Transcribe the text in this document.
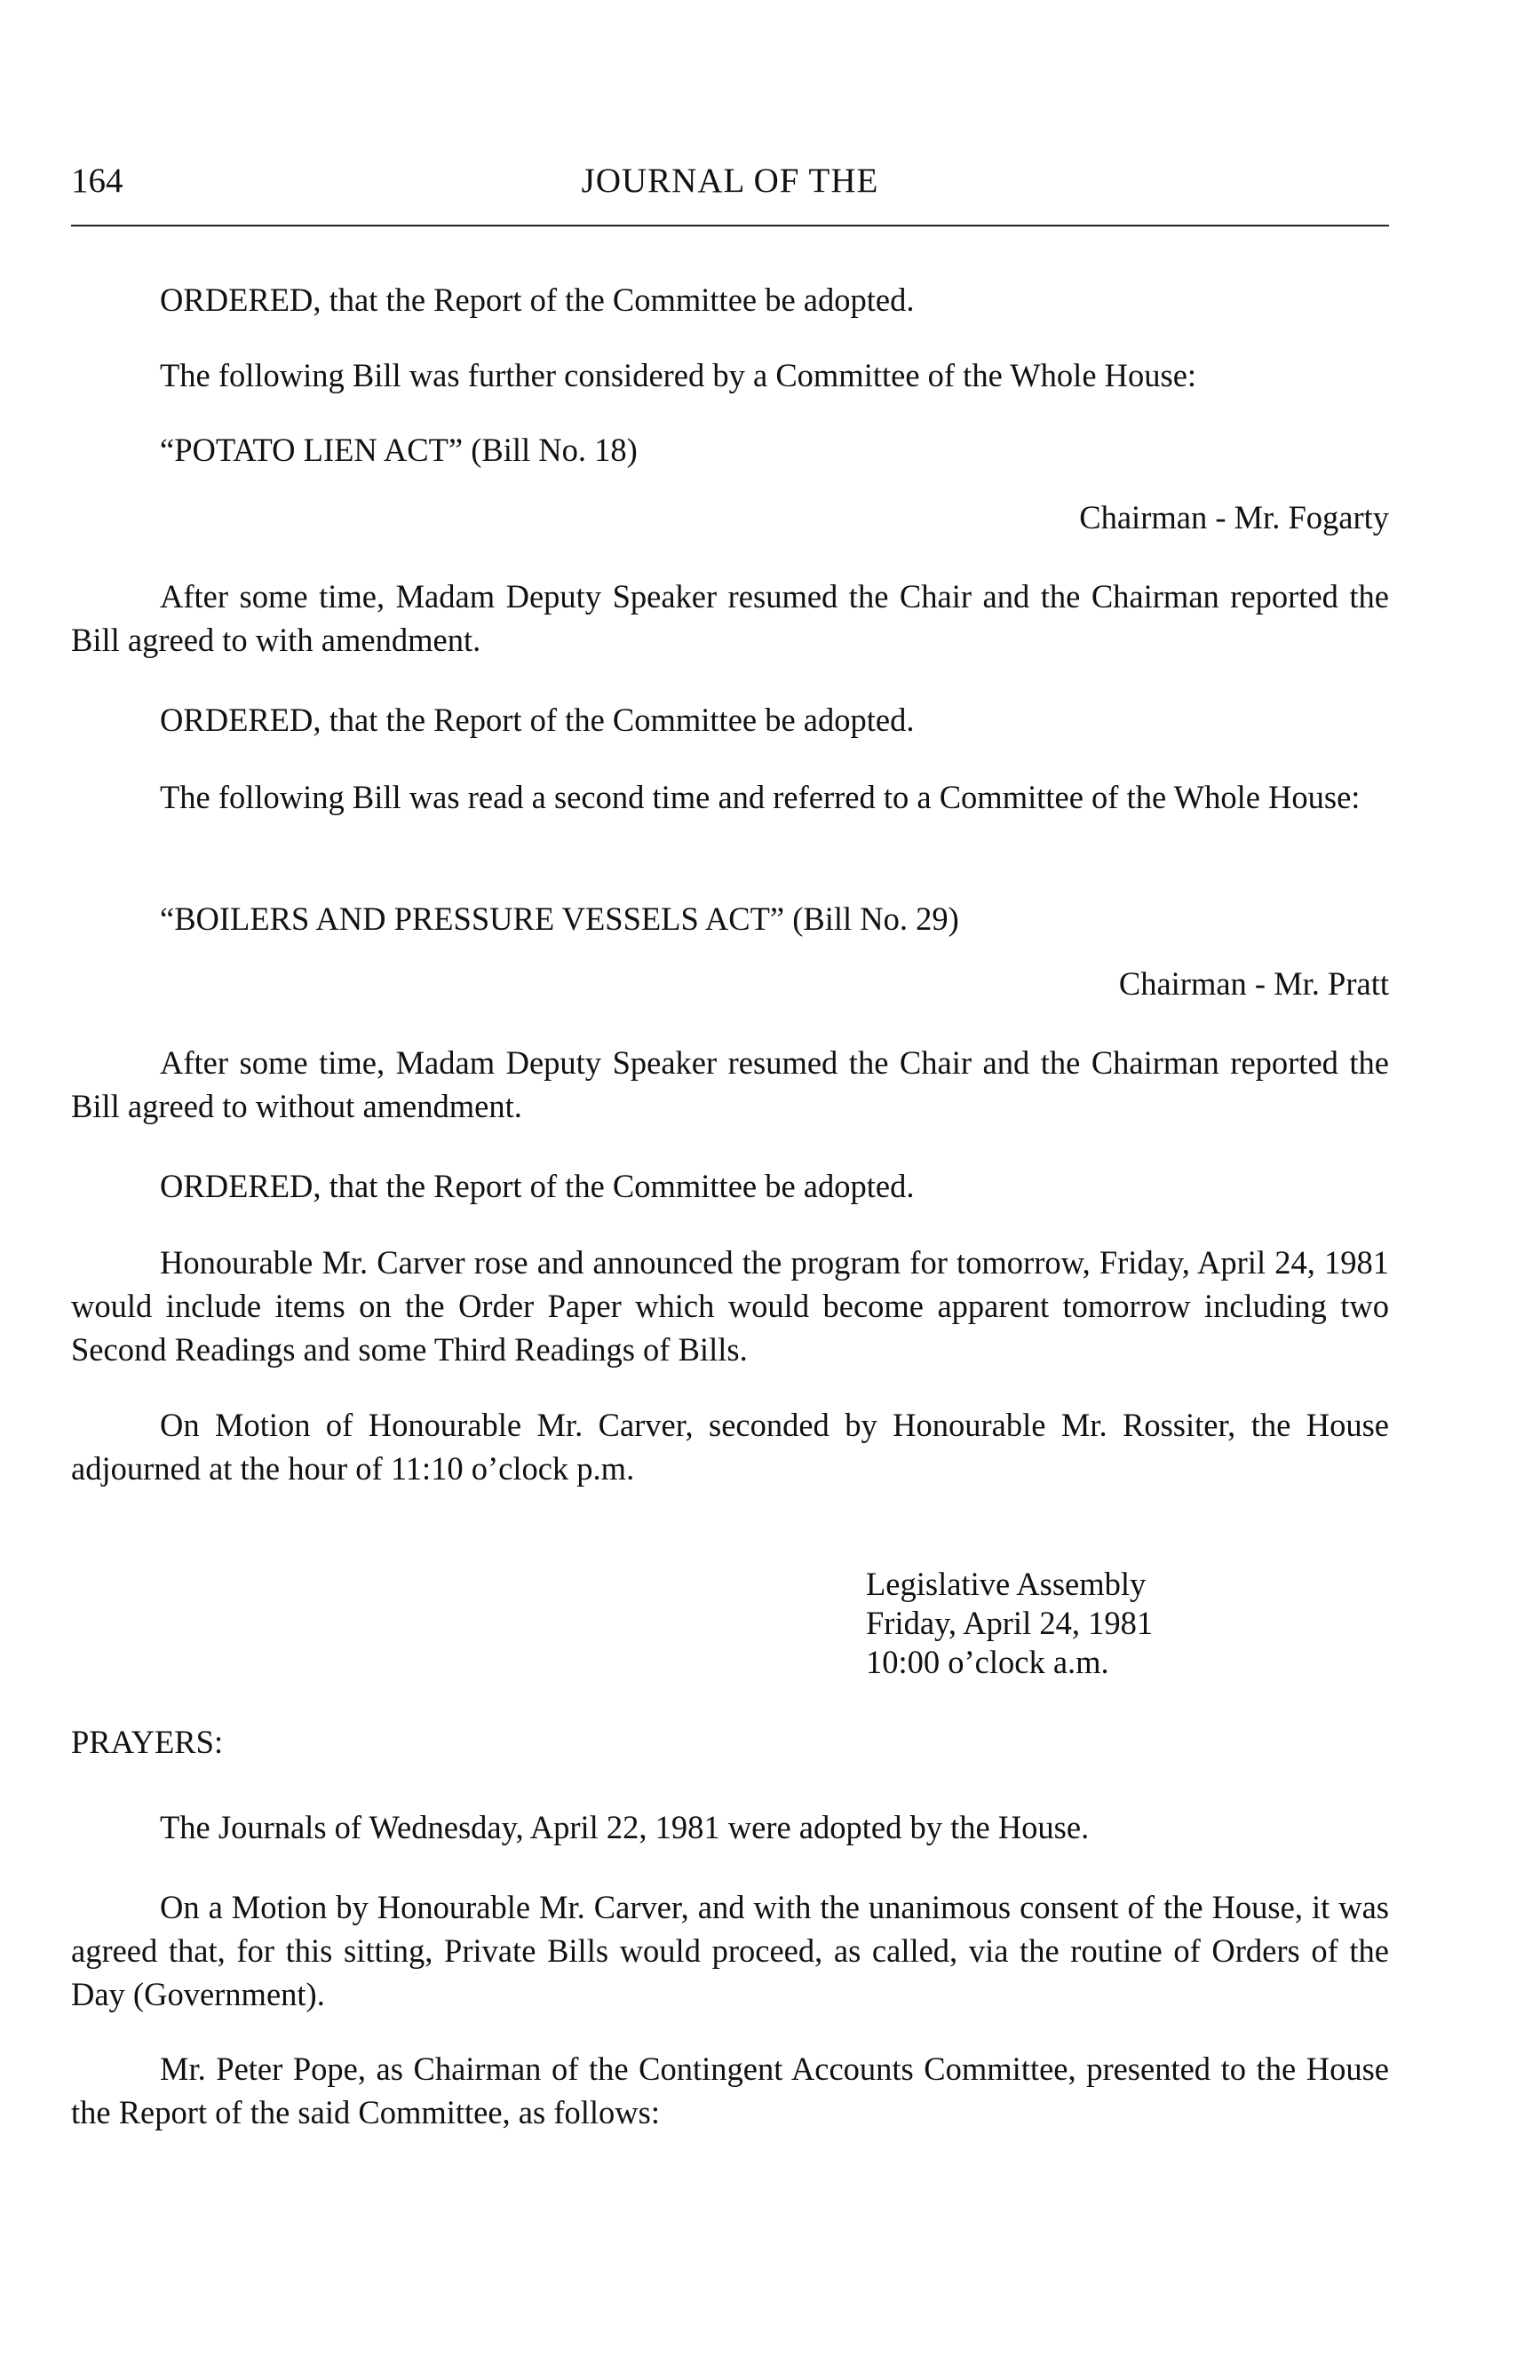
164	JOURNAL OF THE

ORDERED, that the Report of the Committee be adopted.

The following Bill was further considered by a Committee of the Whole House:

“POTATO LIEN ACT” (Bill No. 18)

Chairman - Mr. Fogarty

After some time, Madam Deputy Speaker resumed the Chair and the Chairman reported the Bill agreed to with amendment.

ORDERED, that the Report of the Committee be adopted.

The following Bill was read a second time and referred to a Committee of the Whole House:

“BOILERS AND PRESSURE VESSELS ACT” (Bill No. 29)

Chairman - Mr. Pratt

After some time, Madam Deputy Speaker resumed the Chair and the Chairman reported the Bill agreed to without amendment.

ORDERED, that the Report of the Committee be adopted.

Honourable Mr. Carver rose and announced the program for tomorrow, Friday, April 24, 1981 would include items on the Order Paper which would become apparent tomorrow including two Second Readings and some Third Readings of Bills.

On Motion of Honourable Mr. Carver, seconded by Honourable Mr. Rossiter, the House adjourned at the hour of 11:10 o’clock p.m.

Legislative Assembly
Friday, April 24, 1981
10:00 o’clock a.m.

PRAYERS:

The Journals of Wednesday, April 22, 1981 were adopted by the House.

On a Motion by Honourable Mr. Carver, and with the unanimous consent of the House, it was agreed that, for this sitting, Private Bills would proceed, as called, via the routine of Orders of the Day (Government).

Mr. Peter Pope, as Chairman of the Contingent Accounts Committee, presented to the House the Report of the said Committee, as follows:
